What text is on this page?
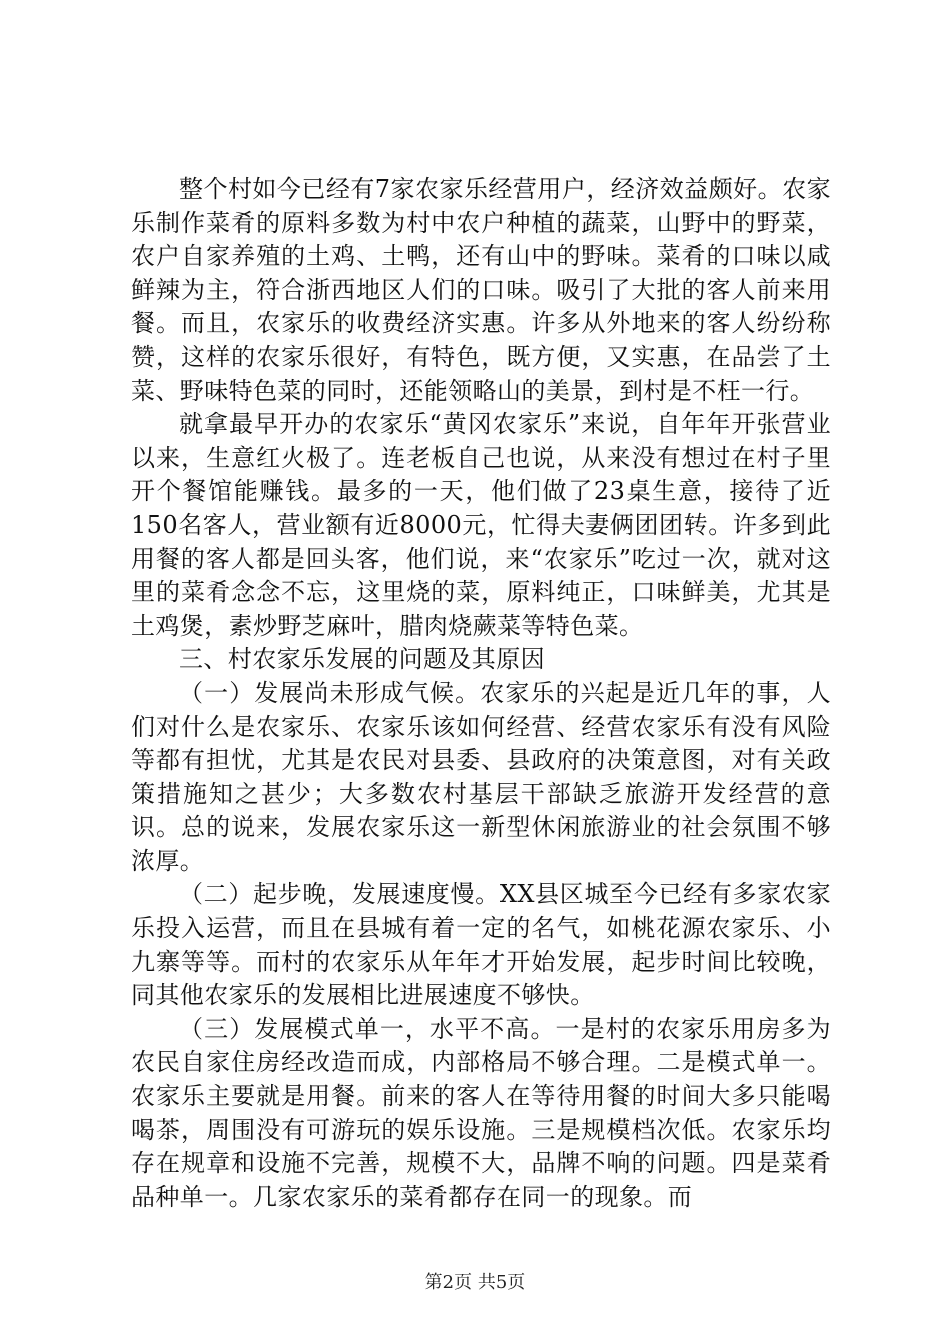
整个村如今已经有7家农家乐经营用户，经济效益颇好。农家乐制作菜肴的原料多数为村中农户种植的蔬菜，山野中的野菜，农户自家养殖的土鸡、土鸭，还有山中的野味。菜肴的口味以咸鲜辣为主，符合浙西地区人们的口味。吸引了大批的客人前来用餐。而且，农家乐的收费经济实惠。许多从外地来的客人纷纷称赞，这样的农家乐很好，有特色，既方便，又实惠，在品尝了土菜、野味特色菜的同时，还能领略山的美景，到村是不枉一行。

就拿最早开办的农家乐“黄冈农家乐”来说，自年年开张营业以来，生意红火极了。连老板自己也说，从来没有想过在村子里开个餐馆能赚钱。最多的一天，他们做了23桌生意，接待了近150名客人，营业额有近8000元，忙得夫妻俩团团转。许多到此用餐的客人都是回头客，他们说，来“农家乐”吃过一次，就对这里的菜肴念念不忘，这里烧的菜，原料纯正，口味鲜美，尤其是土鸡煲，素炒野芝麻叶，腊肉烧蕨菜等特色菜。

三、村农家乐发展的问题及其原因

（一）发展尚未形成气候。农家乐的兴起是近几年的事，人们对什么是农家乐、农家乐该如何经营、经营农家乐有没有风险等都有担忧，尤其是农民对县委、县政府的决策意图，对有关政策措施知之甚少；大多数农村基层干部缺乏旅游开发经营的意识。总的说来，发展农家乐这一新型休闲旅游业的社会氛围不够浓厚。

（二）起步晚，发展速度慢。XX县区城至今已经有多家农家乐投入运营，而且在县城有着一定的名气，如桃花源农家乐、小九寨等等。而村的农家乐从年年才开始发展，起步时间比较晚，同其他农家乐的发展相比进展速度不够快。

（三）发展模式单一，水平不高。一是村的农家乐用房多为农民自家住房经改造而成，内部格局不够合理。二是模式单一。农家乐主要就是用餐。前来的客人在等待用餐的时间大多只能喝喝茶，周围没有可游玩的娱乐设施。三是规模档次低。农家乐均存在规章和设施不完善，规模不大，品牌不响的问题。四是菜肴品种单一。几家农家乐的菜肴都存在同一的现象。而

第2页 共5页
